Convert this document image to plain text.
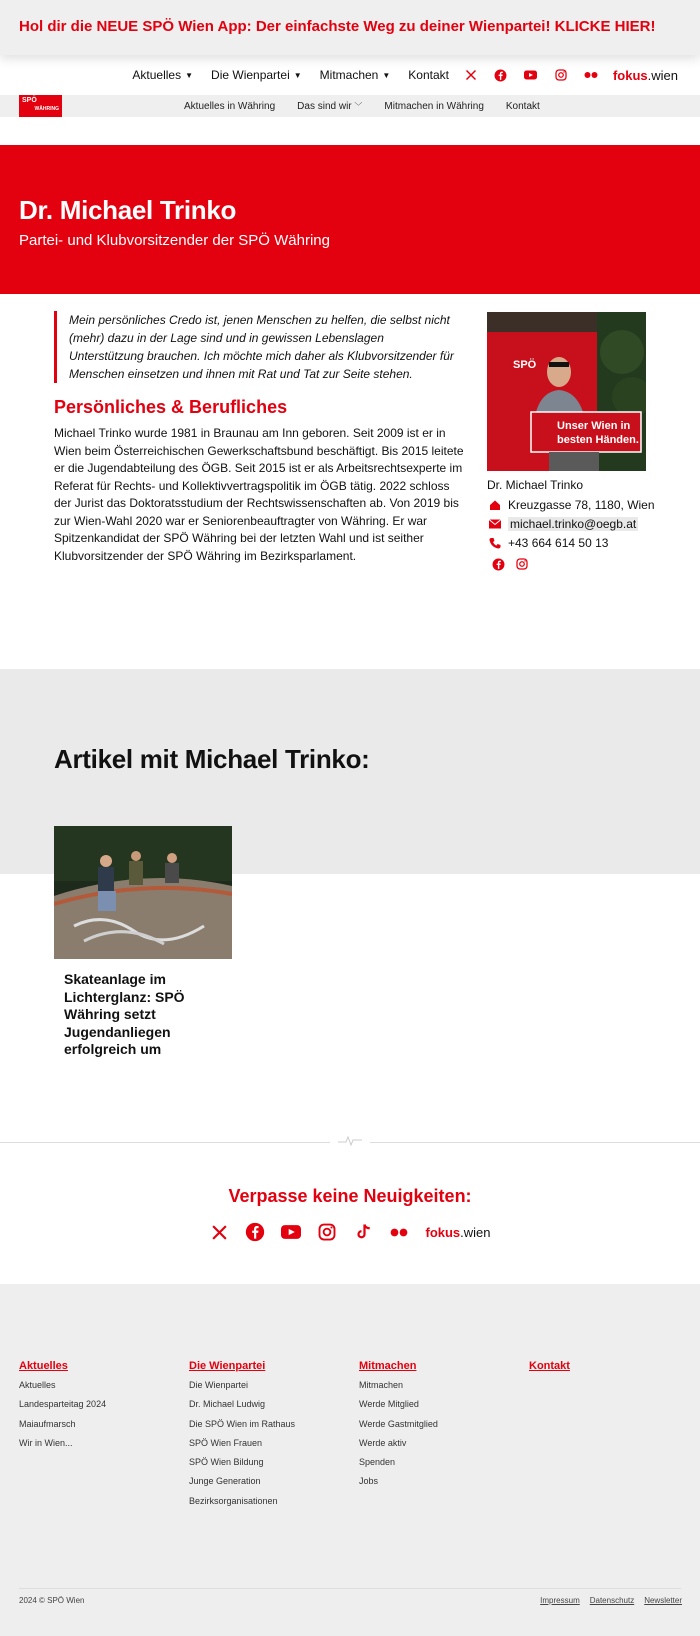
Hol dir die NEUE SPÖ Wien App: Der einfachste Weg zu deiner Wienpartei! KLICKE HIER!
Aktuelles ▼ Die Wienpartei ▼ Mitmachen ▼ Kontakt	fokus.wien
SPÖ
WÄHRING	Aktuelles in Währing Das sind wir ﹀ Mitmachen in Währing Kontakt
Dr. Michael Trinko

Partei- und Klubvorsitzender der SPÖ Währing

Mein persönliches Credo ist, jenen Menschen zu helfen, die selbst nicht (mehr) dazu in der Lage sind und in gewissen Lebenslagen Unterstützung brauchen. Ich möchte mich daher als Klubvorsitzender für Menschen einsetzen und ihnen mit Rat und Tat zur Seite stehen.
Persönliches & Berufliches

Michael Trinko wurde 1981 in Braunau am Inn geboren. Seit 2009 ist er in Wien beim Österreichischen Gewerkschaftsbund beschäftigt. Bis 2015 leitete er die Jugendabteilung des ÖGB. Seit 2015 ist er als Arbeitsrechtsexperte im Referat für Rechts- und Kollektivvertragspolitik im ÖGB tätig. 2022 schloss der Jurist das Doktoratsstudium der Rechtswissenschaften ab. Von 2019 bis zur Wien-Wahl 2020 war er Seniorenbeauftragter von Währing. Er war Spitzenkandidat der SPÖ Währing bei der letzten Wahl und ist seither Klubvorsitzender der SPÖ Währing im Bezirksparlament.

SPÖ
Unser Wien in
besten Händen.
Dr. Michael Trinko
Kreuzgasse 78, 1180, Wien
michael.trinko@oegb.at
+43 664 614 50 13
Artikel mit Michael Trinko:
Skateanlage im Lichterglanz: SPÖ Währing setzt Jugendanliegen erfolgreich um
Verpasse keine Neuigkeiten:
fokus.wien
Aktuelles
Aktuelles
Landesparteitag 2024
Maiaufmarsch
Wir in Wien...
Die Wienpartei
Die Wienpartei
Dr. Michael Ludwig
Die SPÖ Wien im Rathaus
SPÖ Wien Frauen
SPÖ Wien Bildung
Junge Generation
Bezirksorganisationen
Mitmachen
Mitmachen
Werde Mitglied
Werde Gastmitglied
Werde aktiv
Spenden
Jobs
Kontakt
2024 © SPÖ Wien	Impressum Datenschutz Newsletter
